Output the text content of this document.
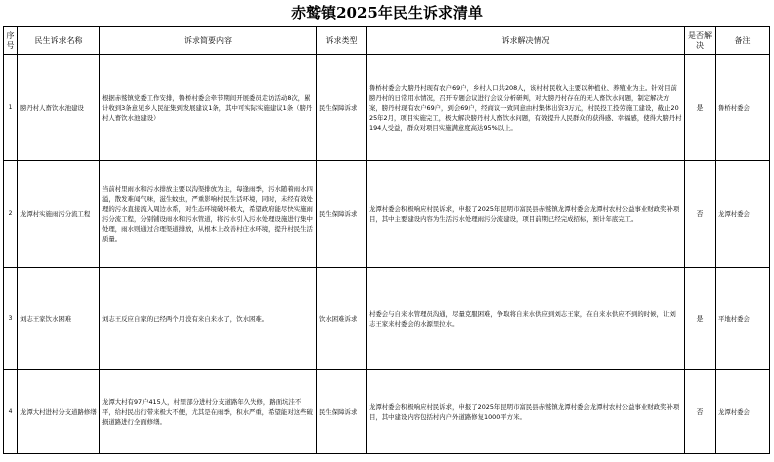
赤鹫镇2025年民生诉求清单
序号	民生诉求名称	诉求简要内容	诉求类型	诉求解决情况	是否解决	备注
1	膀丹村人畜饮水池建设	根据赤鹫镇党委工作安排，鲁桥村委会牵节期间开展委员走访活动8次，累计收到3条意见乡人民征集到发展建议1条，其中可实际实施建议1条（膀丹村人畜饮水池建设）	民生保障诉求	鲁桥村委会大膀丹村现有农户69户，乡村人口共208人，该村村民收入主要以种植业、养殖业为主。针对目前膀丹村的日常用水情况，召开专题会议进行会议分析研判，对大膀丹村存在的无人畜饮水问题，制定解决方案，膀丹村现有农户69户，到会69户，经商议一致同意由村集体出资3万元，村民投工投劳施工建设，截止2025年2月，项目实施完工，极大解决膀丹村人畜饮水问题，有效提升人民群众的获得感、幸福感，使得大膀丹村194人受益，群众对项目实施满意度高达95%以上。	是	鲁桥村委会
2	龙潭村实施雨污分流工程	当前村里雨水和污水排放主要以沟渠排放为主，每逢雨季，污水随着雨水四溢，散发难闻气味，滋生蚊虫，严重影响村民生活环境，同时，未经有效处理的污水直接流入周边水系，对生态环境破坏极大，希望政府能尽快实施雨污分流工程，分别铺设雨水和污水管道，将污水引入污水处理设施进行集中处理，雨水则通过合理渠道排放，从根本上改善村庄水环境，提升村民生活质量。	民生保障诉求	龙潭村委会积极响应村民诉求，申报了2025年昆明市富民县赤鹫镇龙潭村委会龙潭村农村公益事业财政奖补项目，其中主要建设内容为生活污水处理雨污分流建设，项目前期已经完成招标，预计年底完工。	否	龙潭村委会
3	刘志王家饮水困难	刘志王反应自家的已经两个月没有来自来水了，饮水困难。	饮水困难诉求	村委会与自来水管理员沟通，尽量克服困难，争取将自来水供应到刘志王家，在自来水供应不到的时候，让刘志王家来村委会的水源里拉水。	是	平地村委会
4	龙潭大村进村分支道路修缮	龙潭大村有97户415人，村里部分进村分支道路年久失修，路面坑洼不平，给村民出行带来极大不便，尤其是在雨季，积水严重，希望能对这些破损道路进行全面修缮。	民生保障诉求	龙潭村委会积极响应村民诉求，申报了2025年昆明市富民县赤鹫镇龙潭村委会龙潭村农村公益事业财政奖补项目，其中建设内容包括村内户外道路修复1000平方米。	否	龙潭村委会
